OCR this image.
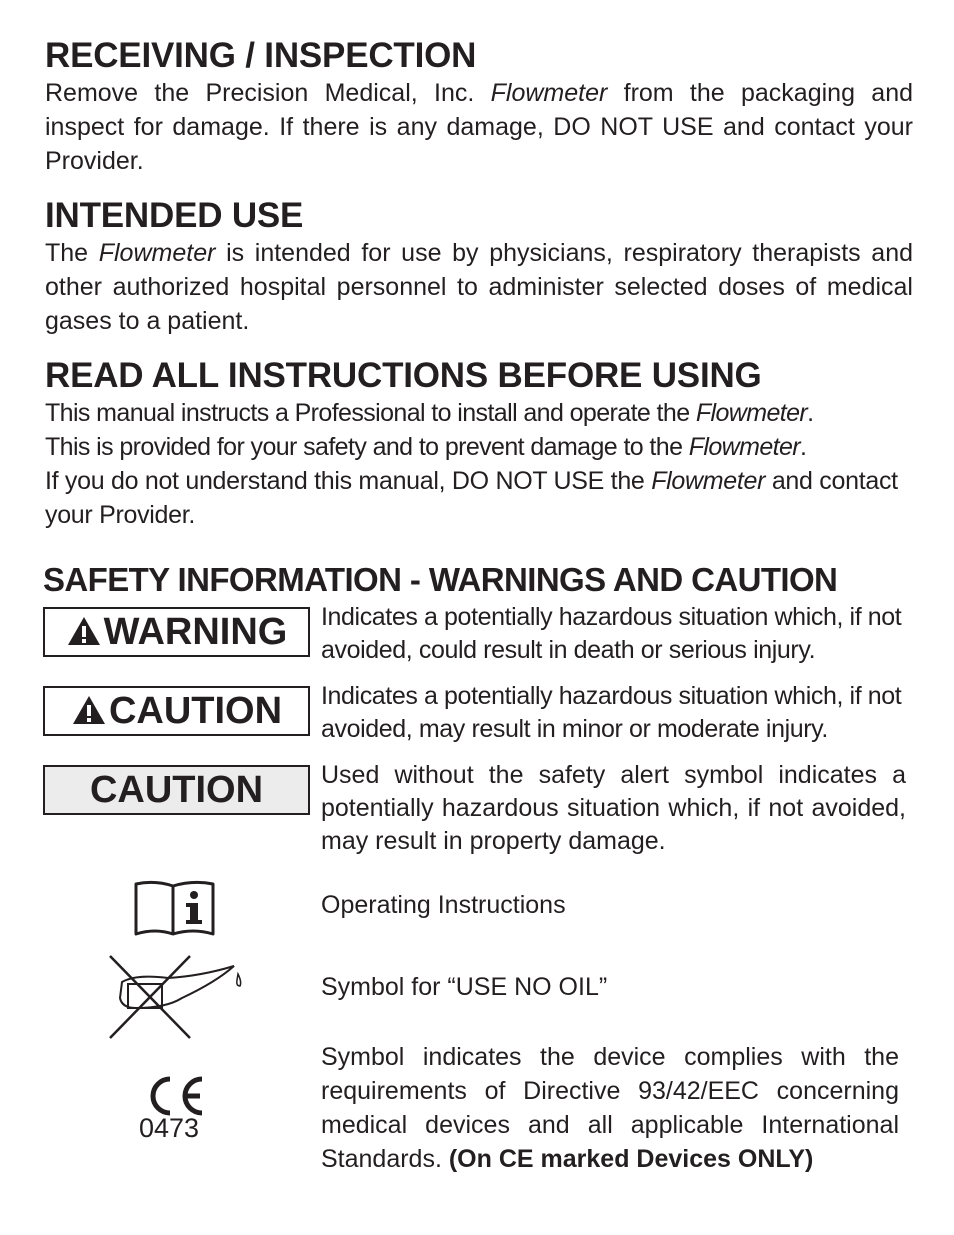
RECEIVING / INSPECTION

Remove the Precision Medical, Inc. Flowmeter from the packaging and inspect for damage. If there is any damage, DO NOT USE and contact your Provider.

INTENDED USE

The Flowmeter is intended for use by physicians, respiratory therapists and other authorized hospital personnel to administer selected doses of medical gases to a patient.

READ ALL INSTRUCTIONS BEFORE USING

This manual instructs a Professional to install and operate the Flowmeter.

This is provided for your safety and to prevent damage to the Flowmeter.

If you do not understand this manual, DO NOT USE the Flowmeter and contact your Provider.

SAFETY INFORMATION - WARNINGS AND CAUTION
WARNING Indicates a potentially hazardous situation which, if not avoided, could result in death or serious injury.

CAUTION Indicates a potentially hazardous situation which, if not avoided, may result in minor or moderate injury.

CAUTION Used without the safety alert symbol indicates a potentially hazardous situation which, if not avoided, may result in property damage.

Operating Instructions

Symbol for “USE NO OIL”

0473

Symbol indicates the device complies with the requirements of Directive 93/42/EEC concerning medical devices and all applicable International Standards. (On CE marked Devices ONLY)
